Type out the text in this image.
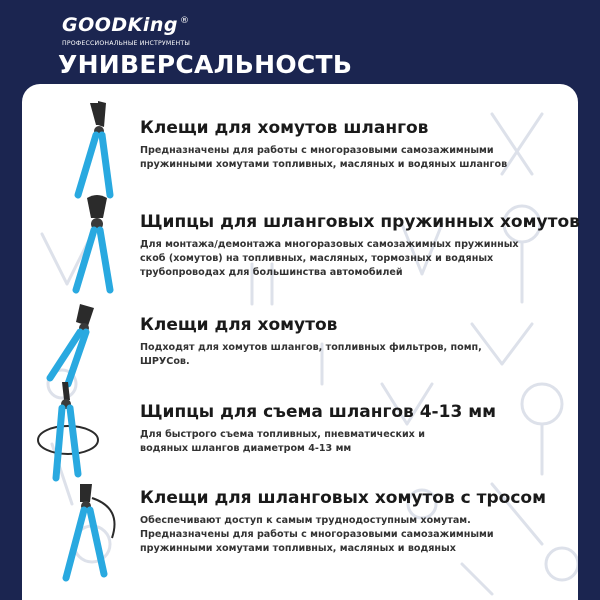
GOODKing ®
ПРОФЕССИОНАЛЬНЫЕ ИНСТРУМЕНТЫ
УНИВЕРСАЛЬНОСТЬ
Клещи для хомутов шлангов
Предназначены для работы с многоразовыми самозажимными пружинными хомутами топливных, масляных и водяных шлангов
Щипцы для шланговых пружинных хомутов
Для монтажа/демонтажа многоразовых самозажимных пружинных скоб (хомутов) на топливных, масляных, тормозных и водяных трубопроводах для большинства автомобилей
Клещи для хомутов
Подходят для хомутов шлангов, топливных фильтров, помп, ШРУСов.
Щипцы для съема шлангов 4-13 мм
Для быстрого съема топливных, пневматических и водяных шлангов диаметром 4-13 мм
Клещи для шланговых хомутов с тросом
Обеспечивают доступ к самым труднодоступным хомутам. Предназначены для работы с многоразовыми самозажимными пружинными хомутами топливных, масляных и водяных
